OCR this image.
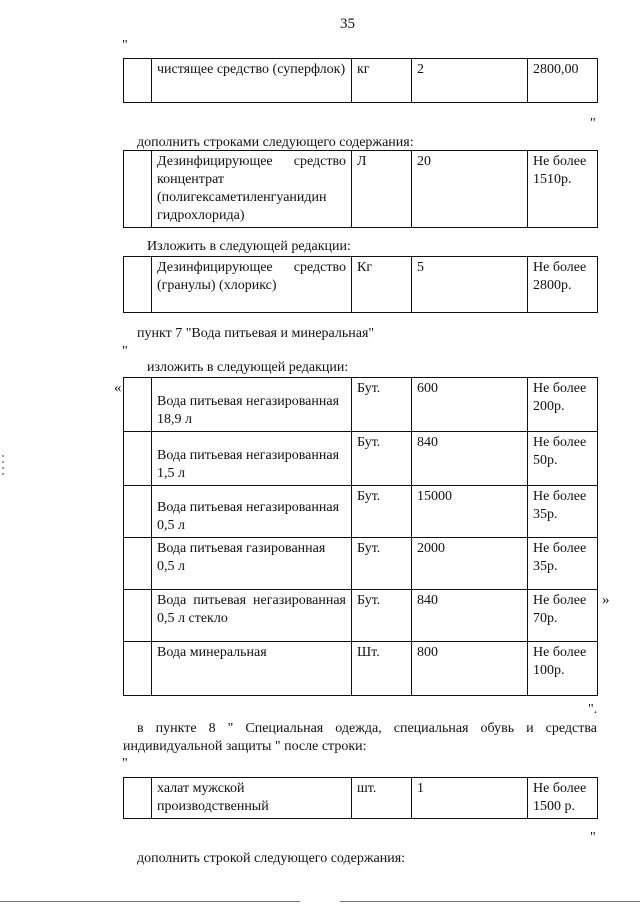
35
"
	чистящее средство (суперфлок)	кг	2	2800,00
"
дополнить строками следующего содержания:
	Дезинфицирующее средство концентрат (полигексаметиленгуанидин гидрохлорида)	Л	20	Не более 1510р.
Изложить в следующей редакции:
	Дезинфицирующее средство (гранулы) (хлорикс)	Кг	5	Не более 2800р.
пункт 7 "Вода питьевая и минеральная"
"
изложить в следующей редакции:
«
	Вода питьевая негазированная 18,9 л	Бут.	600	Не более 200р.
	Вода питьевая негазированная 1,5 л	Бут.	840	Не более 50р.
	Вода питьевая негазированная 0,5 л	Бут.	15000	Не более 35р.
	Вода питьевая газированная 0,5 л	Бут.	2000	Не более 35р.
	Вода питьевая негазированная 0,5 л стекло	Бут.	840	Не более 70р.
	Вода минеральная	Шт.	800	Не более 100р.
»
".
в пункте 8 " Специальная одежда, специальная обувь и средства индивидуальной защиты " после строки:
"
	халат мужской производственный	шт.	1	Не более 1500 р.
"
дополнить строкой следующего содержания:
